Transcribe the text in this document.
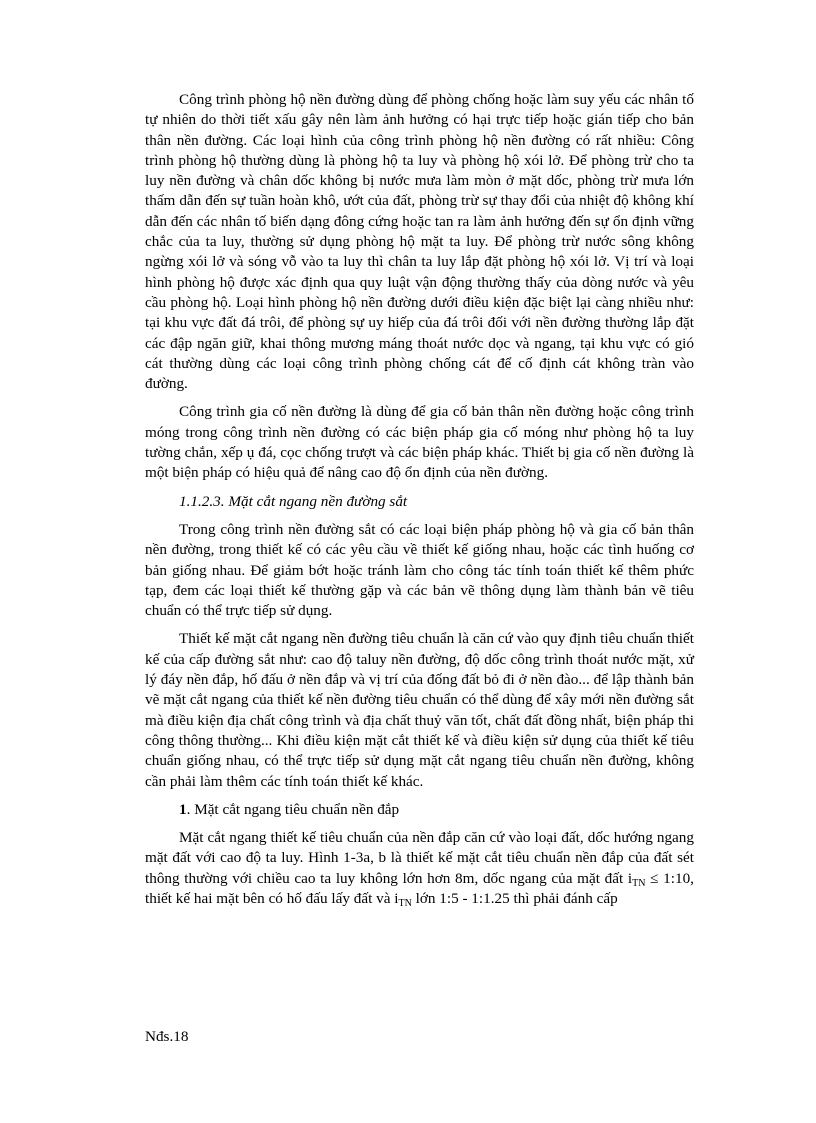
Công trình phòng hộ nền đường dùng để phòng chống hoặc làm suy yếu các nhân tố tự nhiên do thời tiết xấu gây nên làm ảnh hưởng có hại trực tiếp hoặc gián tiếp cho bản thân nền đường. Các loại hình của công trình phòng hộ nền đường có rất nhiều: Công trình phòng hộ thường dùng là phòng hộ ta luy và phòng hộ xói lở. Để phòng trừ cho ta luy nền đường và chân dốc không bị nước mưa làm mòn ở mặt dốc, phòng trừ mưa lớn thấm dẫn đến sự tuần hoàn khô, ướt của đất, phòng trừ sự thay đổi của nhiệt độ không khí dẫn đến các nhân tố biến dạng đông cứng hoặc tan ra làm ảnh hưởng đến sự ổn định vững chắc của ta luy, thường sử dụng phòng hộ mặt ta luy. Để phòng trừ nước sông không ngừng xói lở và sóng vỗ vào ta luy thì chân ta luy lắp đặt phòng hộ xói lở. Vị trí và loại hình phòng hộ được xác định qua quy luật vận động thường thấy của dòng nước và yêu cầu phòng hộ. Loại hình phòng hộ nền đường dưới điều kiện đặc biệt lại càng nhiều như: tại khu vực đất đá trôi, để phòng sự uy hiếp của đá trôi đối với nền đường thường lắp đặt các đập ngăn giữ, khai thông mương máng thoát nước dọc và ngang, tại khu vực có gió cát thường dùng các loại công trình phòng chống cát để cố định cát không tràn vào đường.

Công trình gia cố nền đường là dùng để gia cố bản thân nền đường hoặc công trình móng trong công trình nền đường có các biện pháp gia cố móng như phòng hộ ta luy tường chắn, xếp ụ đá, cọc chống trượt và các biện pháp khác. Thiết bị gia cố nền đường là một biện pháp có hiệu quả để nâng cao độ ổn định của nền đường.

1.1.2.3. Mặt cắt ngang nền đường sắt

Trong công trình nền đường sắt có các loại biện pháp phòng hộ và gia cố bản thân nền đường, trong thiết kế có các yêu cầu về thiết kế giống nhau, hoặc các tình huống cơ bản giống nhau. Để giảm bớt hoặc tránh làm cho công tác tính toán thiết kế thêm phức tạp, đem các loại thiết kế thường gặp và các bản vẽ thông dụng làm thành bản vẽ tiêu chuẩn có thể trực tiếp sử dụng.

Thiết kế mặt cắt ngang nền đường tiêu chuẩn là căn cứ vào quy định tiêu chuẩn thiết kế của cấp đường sắt như: cao độ taluy nền đường, độ dốc công trình thoát nước mặt, xử lý đáy nền đắp, hố đấu ở nền đắp và vị trí của đống đất bỏ đi ở nền đào... để lập thành bản vẽ mặt cắt ngang của thiết kế nền đường tiêu chuẩn có thể dùng để xây mới nền đường sắt mà điều kiện địa chất công trình và địa chất thuỷ văn tốt, chất đất đồng nhất, biện pháp thi công thông thường... Khi điều kiện mặt cắt thiết kế và điều kiện sử dụng của thiết kế tiêu chuẩn giống nhau, có thể trực tiếp sử dụng mặt cắt ngang tiêu chuẩn nền đường, không cần phải làm thêm các tính toán thiết kế khác.

1. Mặt cắt ngang tiêu chuẩn nền đắp

Mặt cắt ngang thiết kế tiêu chuẩn của nền đắp căn cứ vào loại đất, dốc hướng ngang mặt đất với cao độ ta luy. Hình 1-3a, b là thiết kế mặt cắt tiêu chuẩn nền đắp của đất sét thông thường với chiều cao ta luy không lớn hơn 8m, dốc ngang của mặt đất $i_{TN}$ ≤ 1:10, thiết kế hai mặt bên có hố đấu lấy đất và $i_{TN}$ lớn 1:5 - 1:1.25 thì phải đánh cấp

Nđs.18
